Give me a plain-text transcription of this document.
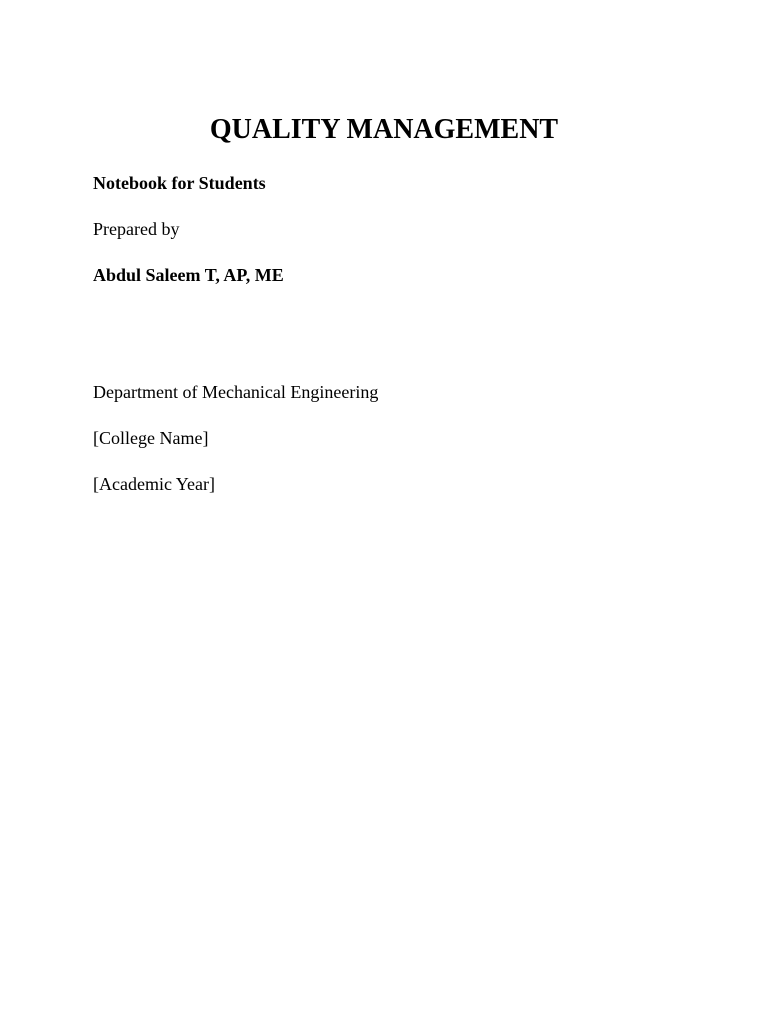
QUALITY MANAGEMENT

Notebook for Students

Prepared by

Abdul Saleem T, AP, ME

Department of Mechanical Engineering

[College Name]

[Academic Year]
